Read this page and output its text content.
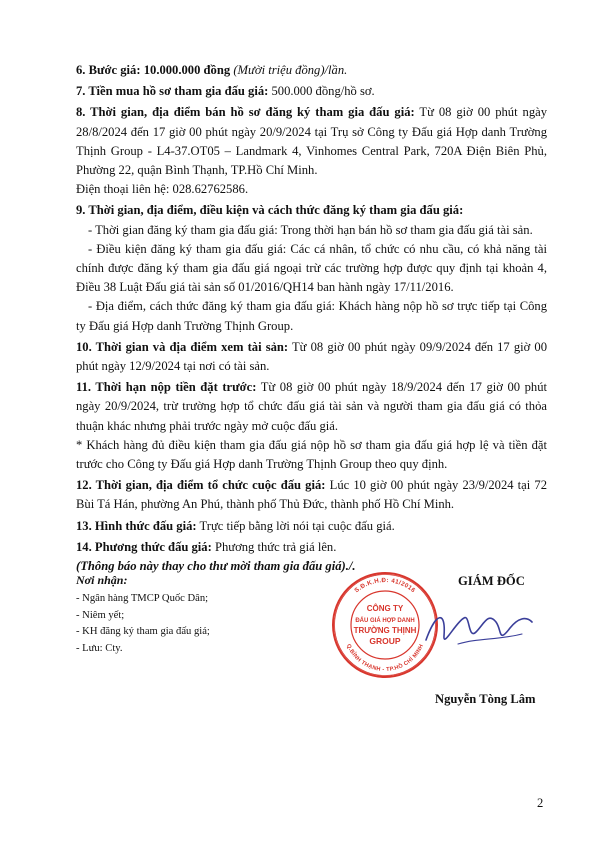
6. Bước giá: 10.000.000 đồng (Mười triệu đồng)/lần.

7. Tiền mua hồ sơ tham gia đấu giá: 500.000 đồng/hồ sơ.

8. Thời gian, địa điểm bán hồ sơ đăng ký tham gia đấu giá: Từ 08 giờ 00 phút ngày 28/8/2024 đến 17 giờ 00 phút ngày 20/9/2024 tại Trụ sở Công ty Đấu giá Hợp danh Trường Thịnh Group - L4-37.OT05 – Landmark 4, Vinhomes Central Park, 720A Điện Biên Phủ, Phường 22, quận Bình Thạnh, TP.Hồ Chí Minh.

Điện thoại liên hệ: 028.62762586.

9. Thời gian, địa điểm, điều kiện và cách thức đăng ký tham gia đấu giá:

- Thời gian đăng ký tham gia đấu giá: Trong thời hạn bán hồ sơ tham gia đấu giá tài sản.

- Điều kiện đăng ký tham gia đấu giá: Các cá nhân, tổ chức có nhu cầu, có khả năng tài chính được đăng ký tham gia đấu giá ngoại trừ các trường hợp được quy định tại khoản 4, Điều 38 Luật Đấu giá tài sản số 01/2016/QH14 ban hành ngày 17/11/2016.

- Địa điểm, cách thức đăng ký tham gia đấu giá: Khách hàng nộp hồ sơ trực tiếp tại Công ty Đấu giá Hợp danh Trường Thịnh Group.

10. Thời gian và địa điểm xem tài sản: Từ 08 giờ 00 phút ngày 09/9/2024 đến 17 giờ 00 phút ngày 12/9/2024 tại nơi có tài sản.

11. Thời hạn nộp tiền đặt trước: Từ 08 giờ 00 phút ngày 18/9/2024 đến 17 giờ 00 phút ngày 20/9/2024, trừ trường hợp tổ chức đấu giá tài sản và người tham gia đấu giá có thỏa thuận khác nhưng phải trước ngày mở cuộc đấu giá.

* Khách hàng đủ điều kiện tham gia đấu giá nộp hồ sơ tham gia đấu giá hợp lệ và tiền đặt trước cho Công ty Đấu giá Hợp danh Trường Thịnh Group theo quy định.

12. Thời gian, địa điểm tổ chức cuộc đấu giá: Lúc 10 giờ 00 phút ngày 23/9/2024 tại 72 Bùi Tá Hán, phường An Phú, thành phố Thủ Đức, thành phố Hồ Chí Minh.

13. Hình thức đấu giá: Trực tiếp bằng lời nói tại cuộc đấu giá.

14. Phương thức đấu giá: Phương thức trả giá lên.

(Thông báo này thay cho thư mời tham gia đấu giá)./.

Nơi nhận:
- Ngân hàng TMCP Quốc Dân;
- Niêm yết;
- KH đăng ký tham gia đấu giá;
- Lưu: Cty.
S.Đ.K.H.Đ: 41/2016
Q.BÌNH THẠNH - TP.HỒ CHÍ MINH
CÔNG TY
ĐẤU GIÁ HỢP DANH
TRƯỜNG THỊNH
GROUP
GIÁM ĐỐC
Nguyễn Tòng Lâm
2
